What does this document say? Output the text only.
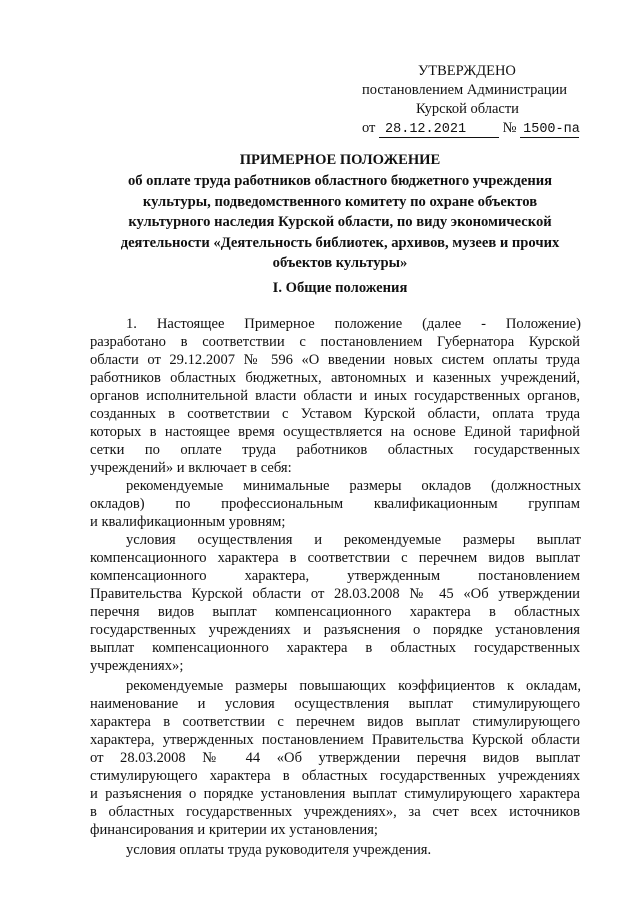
УТВЕРЖДЕНО
постановлением Администрации
Курской области
от 28.12.2021	№ 1500-па
ПРИМЕРНОЕ ПОЛОЖЕНИЕ
об оплате труда работников областного бюджетного учреждения
культуры, подведомственного комитету по охране объектов
культурного наследия Курской области, по виду экономической
деятельности «Деятельность библиотек, архивов, музеев и прочих
объектов культуры»
I. Общие положения
1. Настоящее Примерное положение (далее - Положение)
разработано в соответствии с постановлением Губернатора Курской
области от 29.12.2007 № 596 «О введении новых систем оплаты труда
работников областных бюджетных, автономных и казенных учреждений,
органов исполнительной власти области и иных государственных органов,
созданных в соответствии с Уставом Курской области, оплата труда
которых в настоящее время осуществляется на основе Единой тарифной
сетки по оплате труда работников областных государственных
учреждений» и включает в себя:
рекомендуемые минимальные размеры окладов (должностных
окладов) по профессиональным квалификационным группам
и квалификационным уровням;
условия осуществления и рекомендуемые размеры выплат
компенсационного характера в соответствии с перечнем видов выплат
компенсационного характера, утвержденным постановлением
Правительства Курской области от 28.03.2008 № 45 «Об утверждении
перечня видов выплат компенсационного характера в областных
государственных учреждениях и разъяснения о порядке установления
выплат компенсационного характера в областных государственных
учреждениях»;
рекомендуемые размеры повышающих коэффициентов к окладам,
наименование и условия осуществления выплат стимулирующего
характера в соответствии с перечнем видов выплат стимулирующего
характера, утвержденных постановлением Правительства Курской области
от 28.03.2008 № 44 «Об утверждении перечня видов выплат
стимулирующего характера в областных государственных учреждениях
и разъяснения о порядке установления выплат стимулирующего характера
в областных государственных учреждениях», за счет всех источников
финансирования и критерии их установления;
условия оплаты труда руководителя учреждения.
